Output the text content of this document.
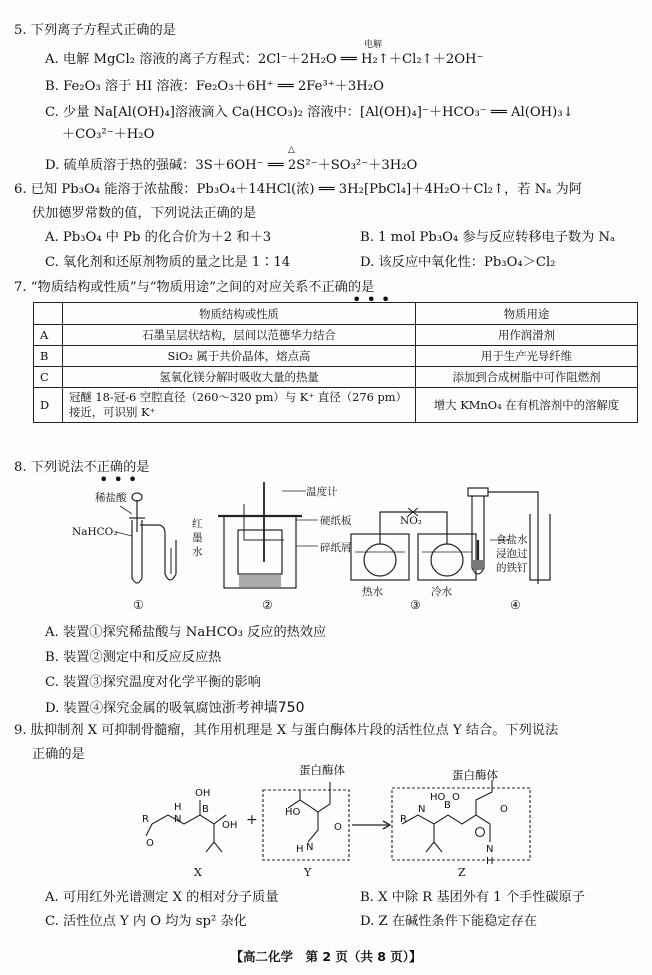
5. 下列离子方程式正确的是
A. 电解 MgCl₂ 溶液的离子方程式：2Cl⁻＋2H₂O ══ H₂↑＋Cl₂↑＋2OH⁻
电解
B. Fe₂O₃ 溶于 HI 溶液：Fe₂O₃＋6H⁺ ══ 2Fe³⁺＋3H₂O
C. 少量 Na[Al(OH)₄]溶液滴入 Ca(HCO₃)₂ 溶液中：[Al(OH)₄]⁻＋HCO₃⁻ ══ Al(OH)₃↓
＋CO₃²⁻＋H₂O
D. 硫单质溶于热的强碱：3S＋6OH⁻ ══ 2S²⁻＋SO₃²⁻＋3H₂O
△
6. 已知 Pb₃O₄ 能溶于浓盐酸：Pb₃O₄＋14HCl(浓) ══ 3H₂[PbCl₄]＋4H₂O＋Cl₂↑，若 Nₐ 为阿
伏加德罗常数的值，下列说法正确的是
A. Pb₃O₄ 中 Pb 的化合价为＋2 和＋3	B. 1 mol Pb₃O₄ 参与反应转移电子数为 Nₐ
C. 氧化剂和还原剂物质的量之比是 1∶14	D. 该反应中氧化性：Pb₃O₄＞Cl₂
7. “物质结构或性质”与“物质用途”之间的对应关系不正确的是
•••
	物质结构或性质	物质用途
A	石墨呈层状结构，层间以范德华力结合	用作润滑剂
B	SiO₂ 属于共价晶体，熔点高	用于生产光导纤维
C	氢氧化镁分解时吸收大量的热量	添加到合成树脂中可作阻燃剂
D	冠醚 18-冠-6 空腔直径（260～320 pm）与 K⁺ 直径（276 pm）
接近，可识别 K⁺	增大 KMnO₄ 在有机溶剂中的溶解度
8. 下列说法不正确的是
•••
稀盐酸
NaHCO₃
红
墨
水
温度计
硬纸板
碎纸屑
NO₂
热水	冷水
食盐水
浸泡过
的铁钉
①	②	③	④
A. 装置①探究稀盐酸与 NaHCO₃ 反应的热效应
B. 装置②测定中和反应反应热
C. 装置③探究温度对化学平衡的影响
D. 装置④探究金属的吸氧腐蚀浙考神墙750
9. 肽抑制剂 X 可抑制骨髓瘤，其作用机理是 X 与蛋白酶体片段的活性位点 Y 结合。下列说法
正确的是
R
O
H
N
B
OH
OH
HO
O
H N
N B
HO O
O
N
H
R
蛋白酶体	蛋白酶体
X	Y	Z
+
A. 可用红外光谱测定 X 的相对分子质量	B. X 中除 R 基团外有 1 个手性碳原子
C. 活性位点 Y 内 O 均为 sp² 杂化	D. Z 在碱性条件下能稳定存在
【高二化学　第 2 页（共 8 页）】
